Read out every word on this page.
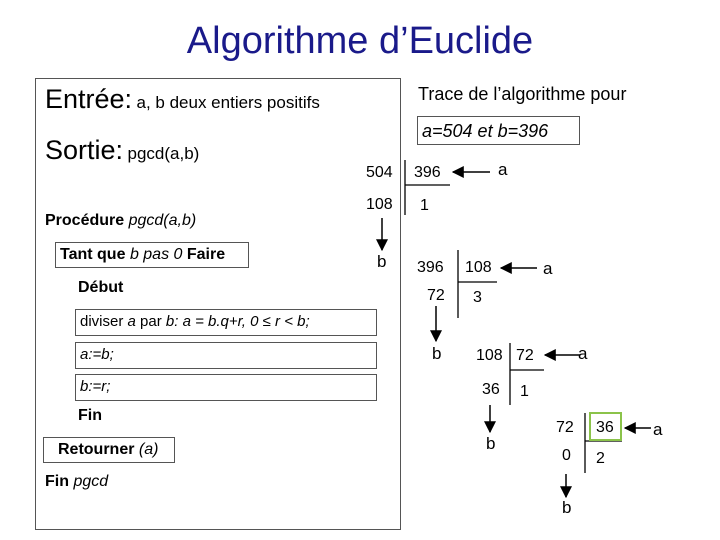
Algorithme d’Euclide
Entrée: a, b deux entiers positifs
Sortie: pgcd(a,b)
Procédure pgcd(a,b)
Tant que b pas 0 Faire
Début
diviser a par b: a = b.q+r, 0 ≤ r < b;
a:=b;
b:=r;
Fin
Retourner (a)
Fin pgcd
Trace de l’algorithme pour
a=504 et b=396
504 396
108 1
a
b 396 108
72 3
a
b 108 72
36 1
a
b
72 36
0 2
a
b
